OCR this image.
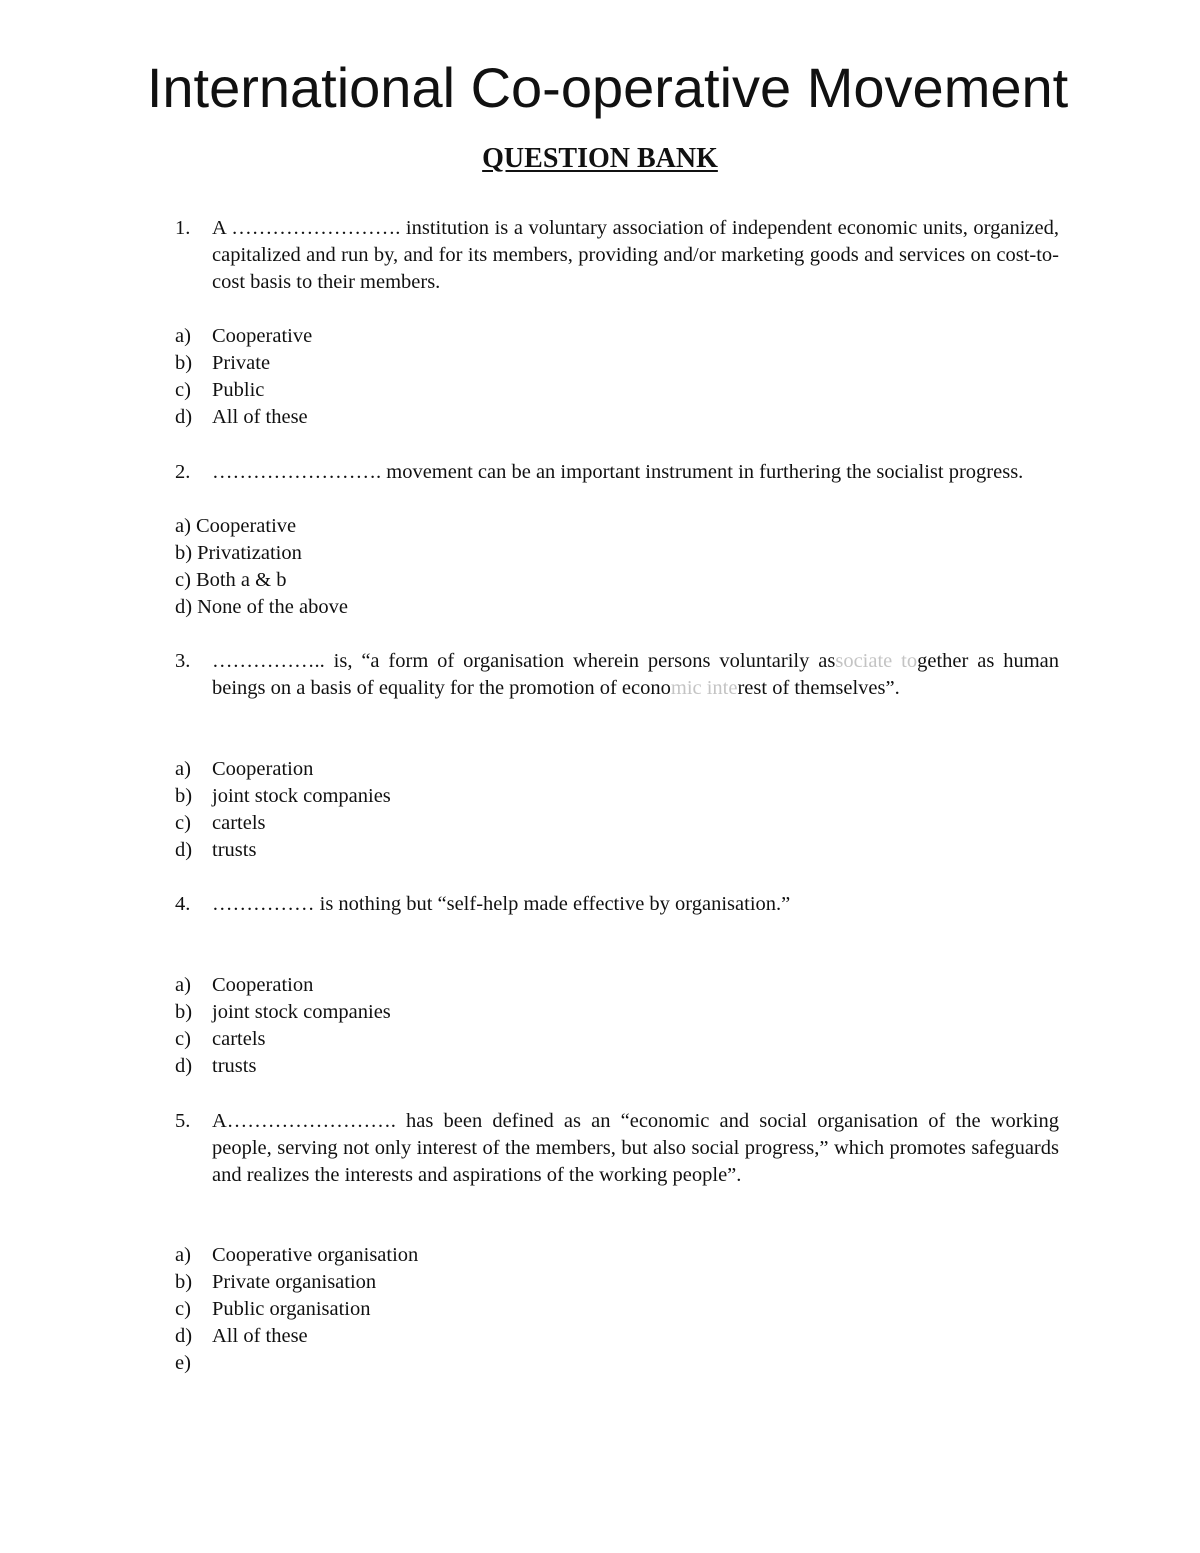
International Co-operative Movement
QUESTION BANK
1. A ……………………. institution is a voluntary association of independent economic units, organized, capitalized and run by, and for its members, providing and/or marketing goods and services on cost-to-cost basis to their members.
a) Cooperative
b) Private
c) Public
d) All of these
2. ……………………. movement can be an important instrument in furthering the socialist progress.
a) Cooperative
b) Privatization
c) Both a & b
d) None of the above
3. …………….. is, “a form of organisation wherein persons voluntarily associate together as human beings on a basis of equality for the promotion of economic interest of themselves”.
a) Cooperation
b) joint stock companies
c) cartels
d) trusts
4. …………… is nothing but “self-help made effective by organisation.”
a) Cooperation
b) joint stock companies
c) cartels
d) trusts
5. A……………………. has been defined as an “economic and social organisation of the working people, serving not only interest of the members, but also social progress,” which promotes safeguards and realizes the interests and aspirations of the working people”.
a) Cooperative organisation
b) Private organisation
c) Public organisation
d) All of these
e)
